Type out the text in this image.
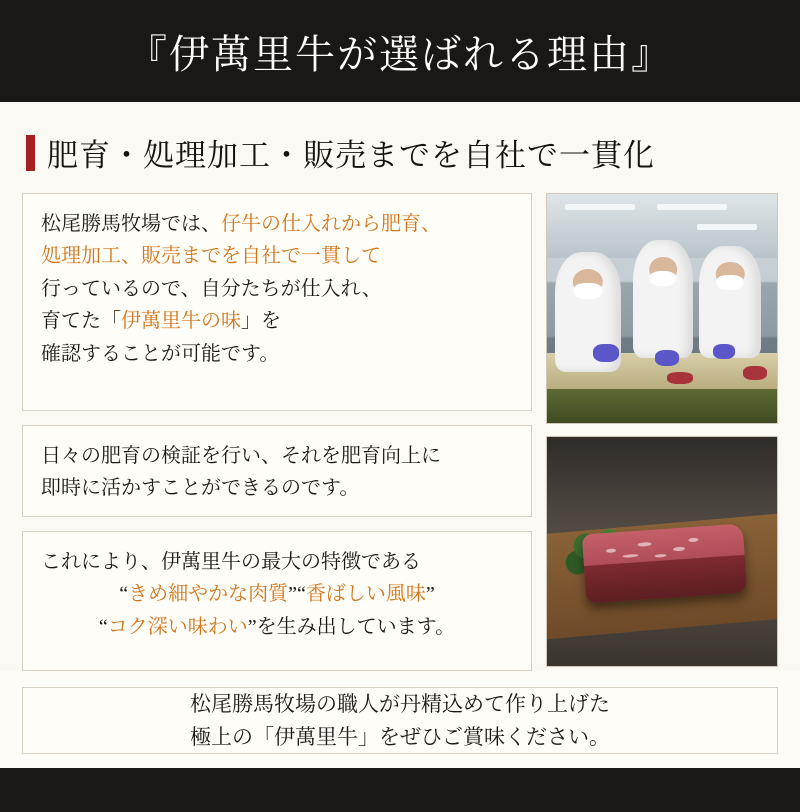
『伊萬里牛が選ばれる理由』
肥育・処理加工・販売までを自社で一貫化

松尾勝馬牧場では、仔牛の仕入れから肥育、

処理加工、販売までを自社で一貫して

行っているので、自分たちが仕入れ、

育てた「伊萬里牛の味」を

確認することが可能です。

日々の肥育の検証を行い、それを肥育向上に

即時に活かすことができるのです。

これにより、伊萬里牛の最大の特徴である

“きめ細やかな肉質”“香ばしい風味”

“コク深い味わい”を生み出しています。

松尾勝馬牧場の職人が丹精込めて作り上げた

極上の「伊萬里牛」をぜひご賞味ください。
